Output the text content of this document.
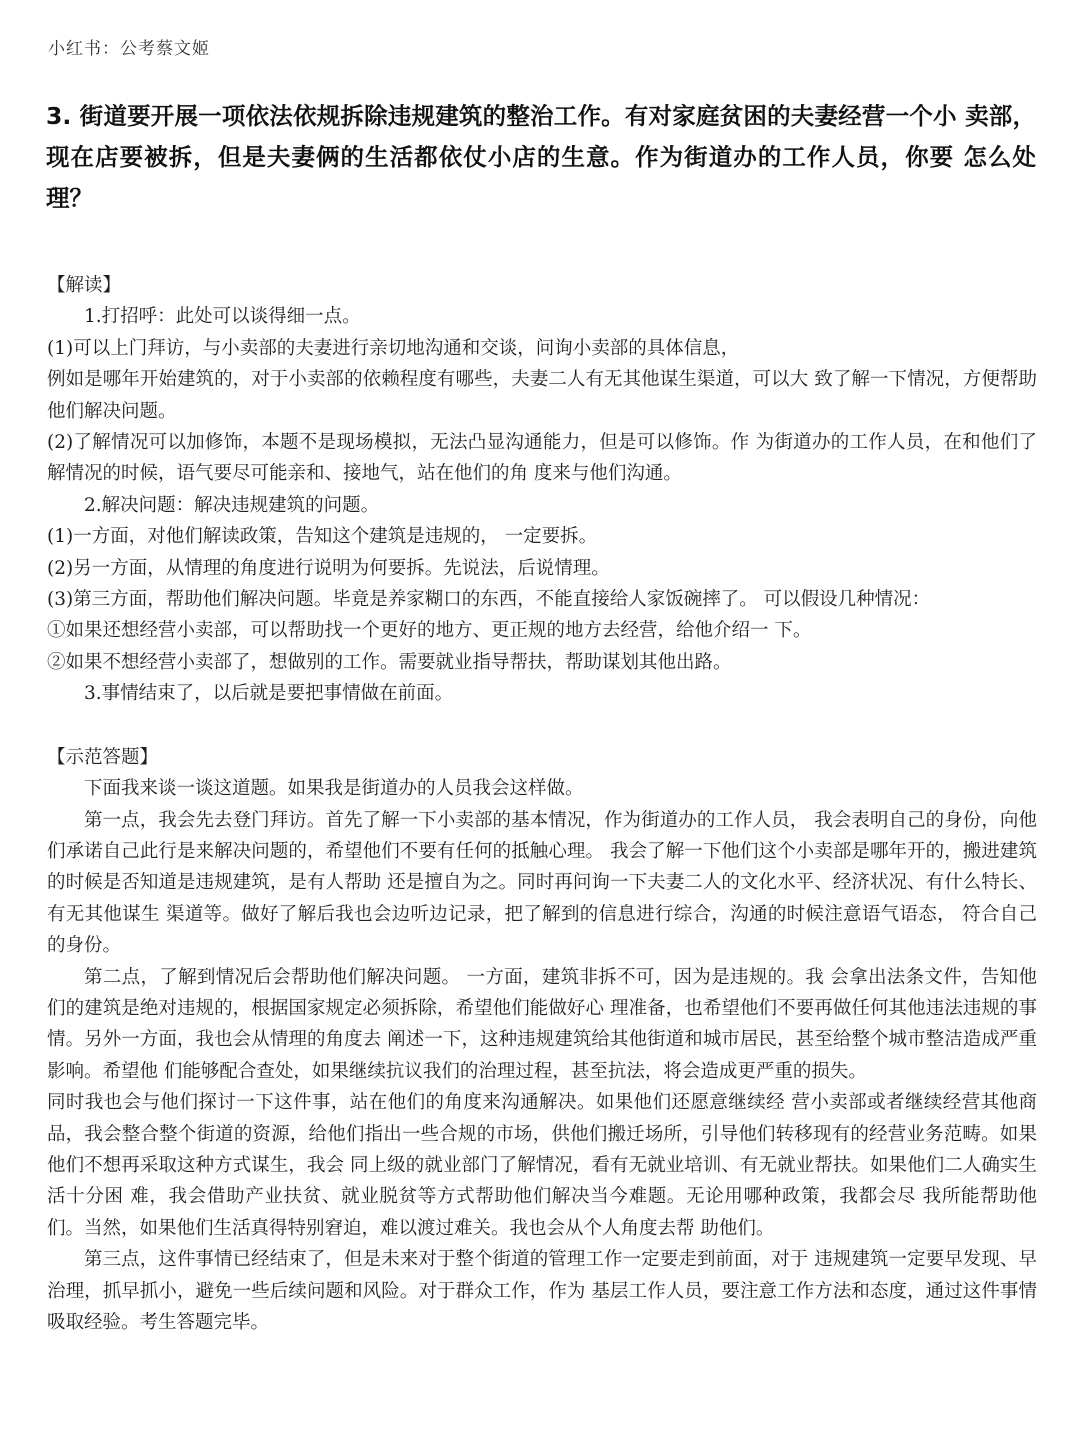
小红书：公考蔡文姬
3. 街道要开展一项依法依规拆除违规建筑的整治工作。有对家庭贫困的夫妻经营一个小 卖部，现在店要被拆，但是夫妻俩的生活都依仗小店的生意。作为街道办的工作人员，你要 怎么处理？

【解读】

1.打招呼：此处可以谈得细一点。

(1)可以上门拜访，与小卖部的夫妻进行亲切地沟通和交谈，问询小卖部的具体信息，

例如是哪年开始建筑的，对于小卖部的依赖程度有哪些，夫妻二人有无其他谋生渠道，可以大 致了解一下情况，方便帮助他们解决问题。

(2)了解情况可以加修饰，本题不是现场模拟，无法凸显沟通能力，但是可以修饰。作 为街道办的工作人员，在和他们了解情况的时候，语气要尽可能亲和、接地气，站在他们的角 度来与他们沟通。

2.解决问题：解决违规建筑的问题。

(1)一方面，对他们解读政策，告知这个建筑是违规的， 一定要拆。

(2)另一方面，从情理的角度进行说明为何要拆。先说法，后说情理。

(3)第三方面，帮助他们解决问题。毕竟是养家糊口的东西，不能直接给人家饭碗摔了。 可以假设几种情况：

①如果还想经营小卖部，可以帮助找一个更好的地方、更正规的地方去经营，给他介绍一 下。

②如果不想经营小卖部了，想做别的工作。需要就业指导帮扶，帮助谋划其他出路。

3.事情结束了，以后就是要把事情做在前面。

【示范答题】

下面我来谈一谈这道题。如果我是街道办的人员我会这样做。

第一点，我会先去登门拜访。首先了解一下小卖部的基本情况，作为街道办的工作人员， 我会表明自己的身份，向他们承诺自己此行是来解决问题的，希望他们不要有任何的抵触心理。 我会了解一下他们这个小卖部是哪年开的，搬进建筑的时候是否知道是违规建筑，是有人帮助 还是擅自为之。同时再问询一下夫妻二人的文化水平、经济状况、有什么特长、有无其他谋生 渠道等。做好了解后我也会边听边记录，把了解到的信息进行综合，沟通的时候注意语气语态， 符合自己的身份。

第二点，了解到情况后会帮助他们解决问题。 一方面，建筑非拆不可，因为是违规的。我 会拿出法条文件，告知他们的建筑是绝对违规的，根据国家规定必须拆除，希望他们能做好心 理准备，也希望他们不要再做任何其他违法违规的事情。另外一方面，我也会从情理的角度去 阐述一下，这种违规建筑给其他街道和城市居民，甚至给整个城市整洁造成严重影响。希望他 们能够配合查处，如果继续抗议我们的治理过程，甚至抗法，将会造成更严重的损失。

同时我也会与他们探讨一下这件事，站在他们的角度来沟通解决。如果他们还愿意继续经 营小卖部或者继续经营其他商品，我会整合整个街道的资源，给他们指出一些合规的市场，供他们搬迁场所，引导他们转移现有的经营业务范畴。如果他们不想再采取这种方式谋生，我会 同上级的就业部门了解情况，看有无就业培训、有无就业帮扶。如果他们二人确实生活十分困 难，我会借助产业扶贫、就业脱贫等方式帮助他们解决当今难题。无论用哪种政策，我都会尽 我所能帮助他们。当然，如果他们生活真得特别窘迫，难以渡过难关。我也会从个人角度去帮 助他们。

第三点，这件事情已经结束了，但是未来对于整个街道的管理工作一定要走到前面，对于 违规建筑一定要早发现、早治理，抓早抓小，避免一些后续问题和风险。对于群众工作，作为 基层工作人员，要注意工作方法和态度，通过这件事情吸取经验。考生答题完毕。
